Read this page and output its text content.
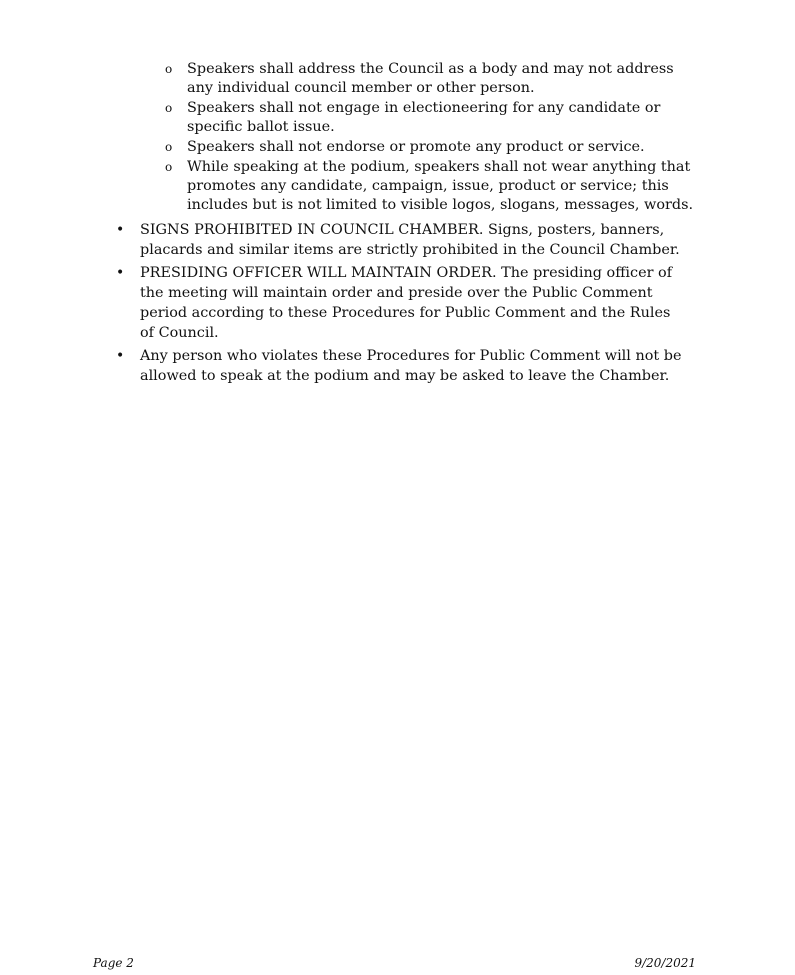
o Speakers shall address the Council as a body and may not address any individual council member or other person.
o Speakers shall not engage in electioneering for any candidate or specific ballot issue.
o Speakers shall not endorse or promote any product or service.
o While speaking at the podium, speakers shall not wear anything that promotes any candidate, campaign, issue, product or service; this includes but is not limited to visible logos, slogans, messages, words.
• SIGNS PROHIBITED IN COUNCIL CHAMBER. Signs, posters, banners, placards and similar items are strictly prohibited in the Council Chamber.
• PRESIDING OFFICER WILL MAINTAIN ORDER. The presiding officer of the meeting will maintain order and preside over the Public Comment period according to these Procedures for Public Comment and the Rules of Council.
• Any person who violates these Procedures for Public Comment will not be allowed to speak at the podium and may be asked to leave the Chamber.
Page 2	9/20/2021
